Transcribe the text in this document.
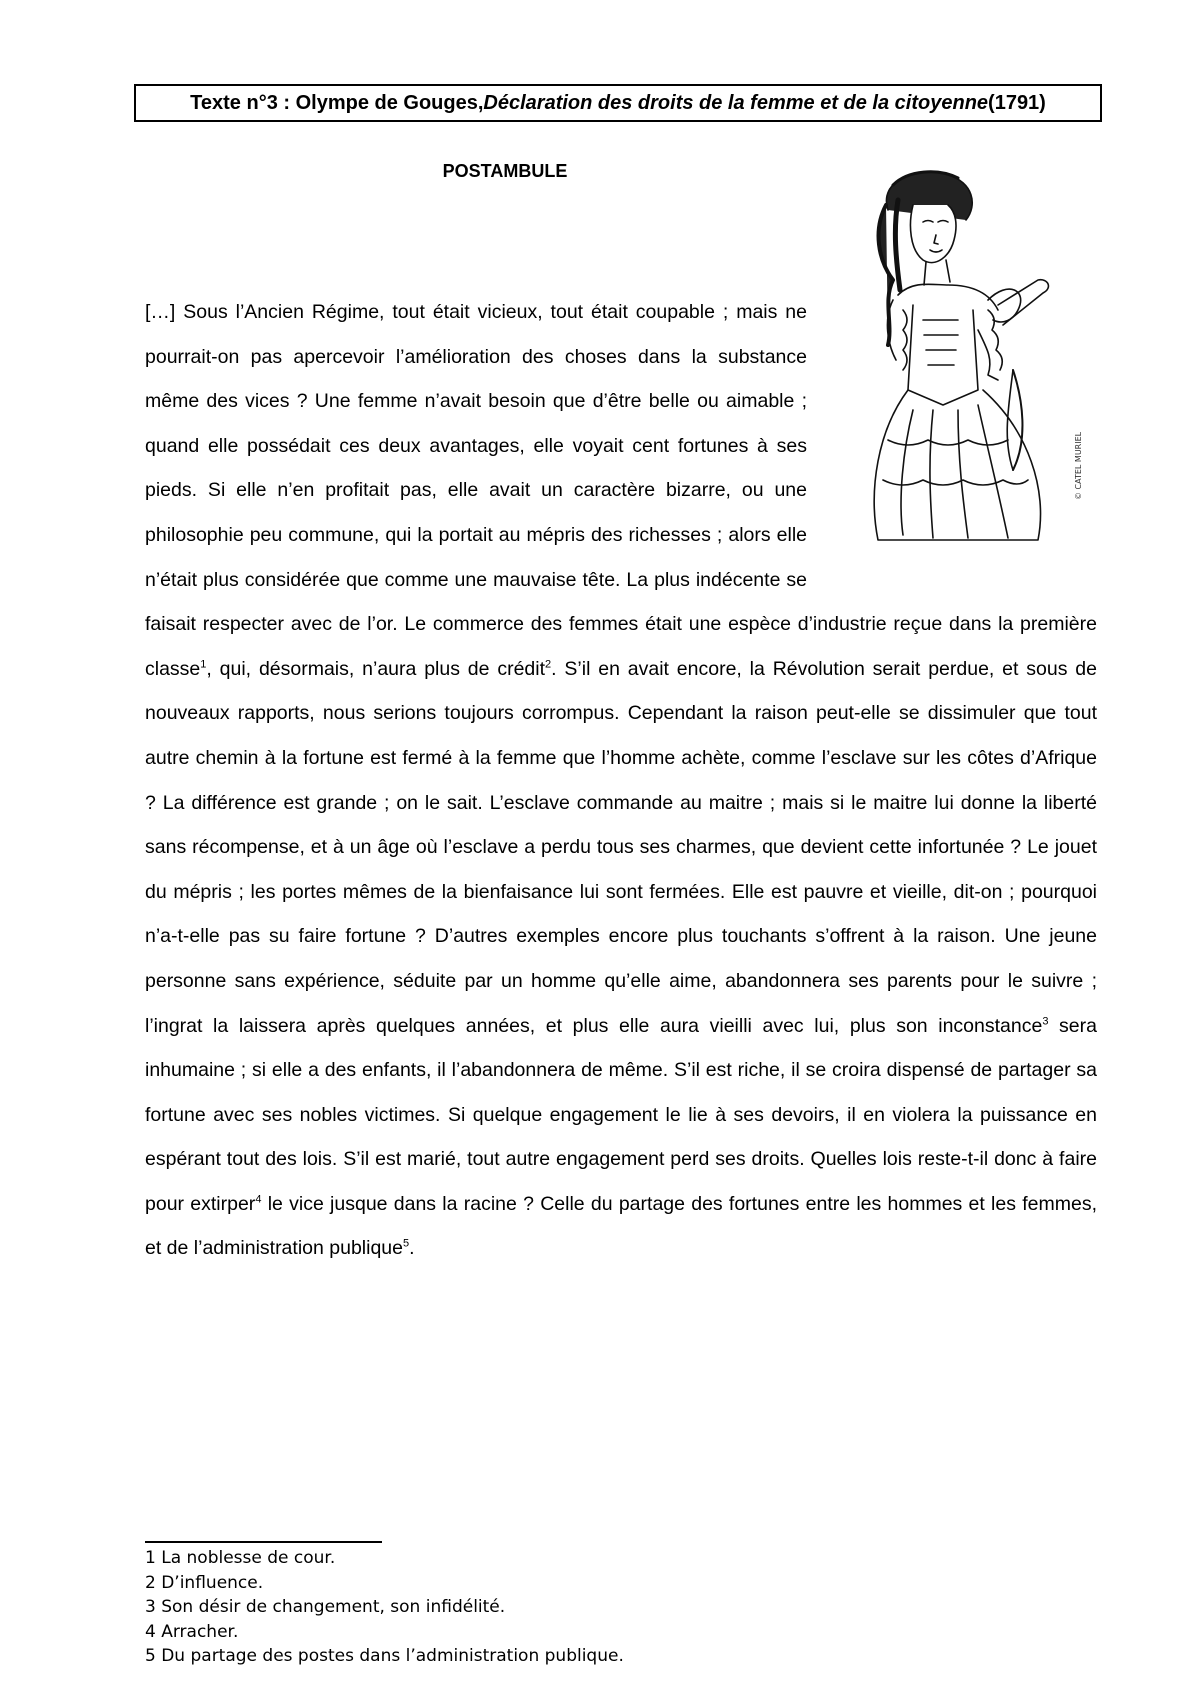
Texte n°3 : Olympe de Gouges, Déclaration des droits de la femme et de la citoyenne (1791)
POSTAMBULE
© CATEL MURIEL

[…] Sous l’Ancien Régime, tout était vicieux, tout était coupable ; mais ne pourrait-on pas apercevoir l’amélioration des choses dans la substance même des vices ? Une femme n’avait besoin que d’être belle ou aimable ; quand elle possédait ces deux avantages, elle voyait cent fortunes à ses pieds. Si elle n’en profitait pas, elle avait un caractère bizarre, ou une philosophie peu commune, qui la portait au mépris des richesses ; alors elle n’était plus considérée que comme une mauvaise tête. La plus indécente se faisait respecter avec de l’or. Le commerce des femmes était une espèce d’industrie reçue dans la première classe$^1$, qui, désormais, n’aura plus de crédit$^2$. S’il en avait encore, la Révolution serait perdue, et sous de nouveaux rapports, nous serions toujours corrompus. Cependant la raison peut-elle se dissimuler que tout autre chemin à la fortune est fermé à la femme que l’homme achète, comme l’esclave sur les côtes d’Afrique ? La différence est grande ; on le sait. L’esclave commande au maitre ; mais si le maitre lui donne la liberté sans récompense, et à un âge où l’esclave a perdu tous ses charmes, que devient cette infortunée ? Le jouet du mépris ; les portes mêmes de la bienfaisance lui sont fermées. Elle est pauvre et vieille, dit-on ; pourquoi n’a-t-elle pas su faire fortune ? D’autres exemples encore plus touchants s’offrent à la raison. Une jeune personne sans expérience, séduite par un homme qu’elle aime, abandonnera ses parents pour le suivre ; l’ingrat la laissera après quelques années, et plus elle aura vieilli avec lui, plus son inconstance$^3$ sera inhumaine ; si elle a des enfants, il l’abandonnera de même. S’il est riche, il se croira dispensé de partager sa fortune avec ses nobles victimes. Si quelque engagement le lie à ses devoirs, il en violera la puissance en espérant tout des lois. S’il est marié, tout autre engagement perd ses droits. Quelles lois reste-t-il donc à faire pour extirper$^4$ le vice jusque dans la racine ? Celle du partage des fortunes entre les hommes et les femmes, et de l’administration publique$^5$.

1 La noblesse de cour.
2 D’influence.
3 Son désir de changement, son infidélité.
4 Arracher.
5 Du partage des postes dans l’administration publique.
